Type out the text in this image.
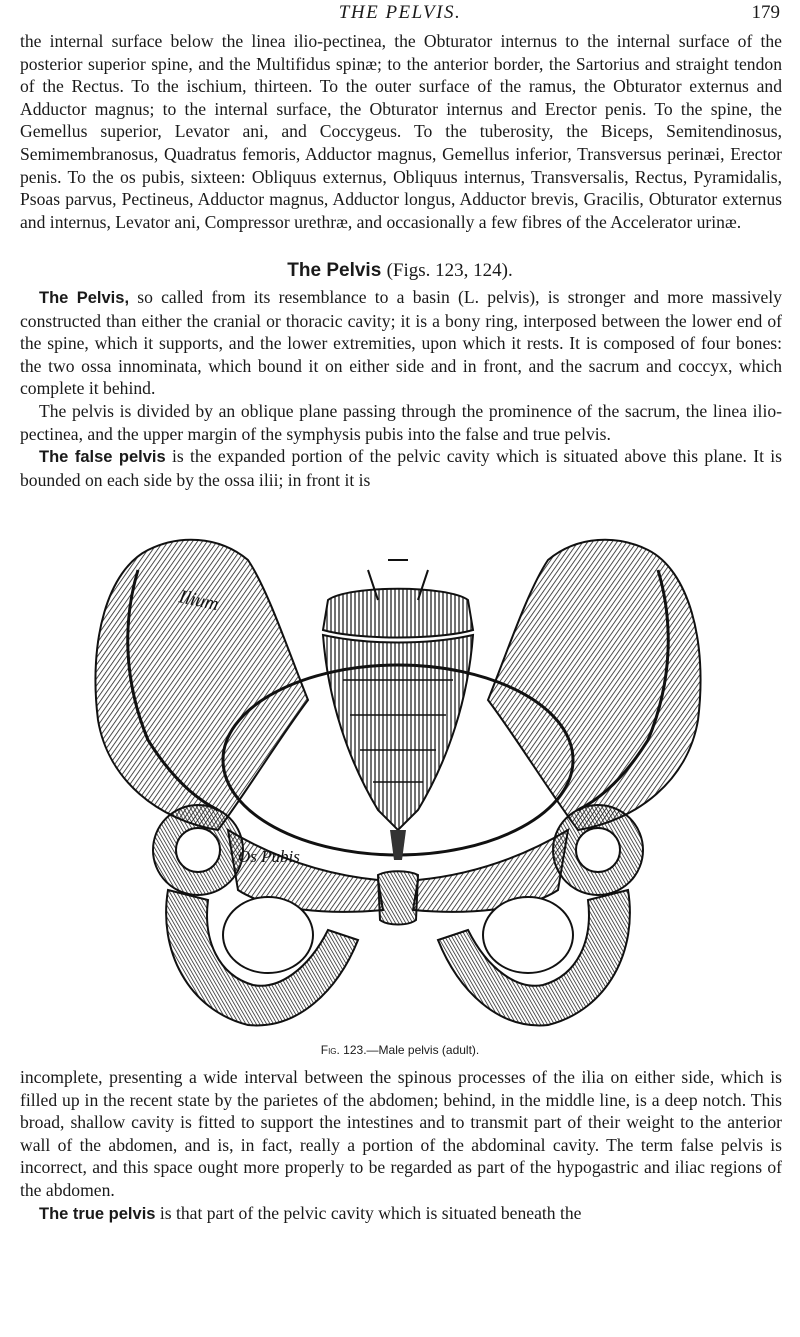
THE PELVIS.	179
the internal surface below the linea ilio-pectinea, the Obturator internus to the internal surface of the posterior superior spine, and the Multifidus spinæ; to the anterior border, the Sartorius and straight tendon of the Rectus. To the ischium, thirteen. To the outer surface of the ramus, the Obturator externus and Adductor magnus; to the internal surface, the Obturator internus and Erector penis. To the spine, the Gemellus superior, Levator ani, and Coccygeus. To the tuberosity, the Biceps, Semitendinosus, Semimembranosus, Quadratus femoris, Adductor magnus, Gemellus inferior, Transversus perinæi, Erector penis. To the os pubis, sixteen: Obliquus externus, Obliquus internus, Transversalis, Rectus, Pyramidalis, Psoas parvus, Pectineus, Adductor magnus, Adductor longus, Adductor brevis, Gracilis, Obturator externus and internus, Levator ani, Compressor urethræ, and occasionally a few fibres of the Accelerator urinæ.
The Pelvis (Figs. 123, 124).

The Pelvis, so called from its resemblance to a basin (L. pelvis), is stronger and more massively constructed than either the cranial or thoracic cavity; it is a bony ring, interposed between the lower end of the spine, which it supports, and the lower extremities, upon which it rests. It is composed of four bones: the two ossa innominata, which bound it on either side and in front, and the sacrum and coccyx, which complete it behind.

The pelvis is divided by an oblique plane passing through the prominence of the sacrum, the linea ilio-pectinea, and the upper margin of the symphysis pubis into the false and true pelvis.

The false pelvis is the expanded portion of the pelvic cavity which is situated above this plane. It is bounded on each side by the ossa ilii; in front it is

Ilium
Os Pubis
Fig. 123.—Male pelvis (adult).

incomplete, presenting a wide interval between the spinous processes of the ilia on either side, which is filled up in the recent state by the parietes of the abdomen; behind, in the middle line, is a deep notch. This broad, shallow cavity is fitted to support the intestines and to transmit part of their weight to the anterior wall of the abdomen, and is, in fact, really a portion of the abdominal cavity. The term false pelvis is incorrect, and this space ought more properly to be regarded as part of the hypogastric and iliac regions of the abdomen.

The true pelvis is that part of the pelvic cavity which is situated beneath the
